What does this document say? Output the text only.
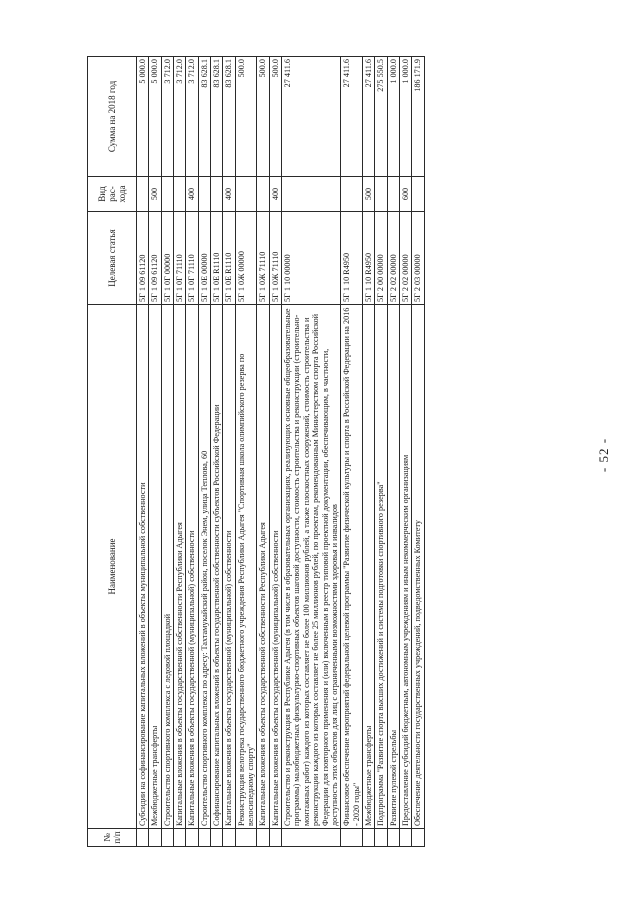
№ п/п	Наименование	Целевая статья	Вид рас-хода	Сумма на 2018 год
	Субсидии на софинансирование капитальных вложений в объекты муниципальной собственности	5Г 1 09 61120		5 000.0
	Межбюджетные трансферты	5Г 1 09 61120	500	5 000.0
	Строительство спортивного комплекса с ледовой площадкой	5Г 1 0Г 00000		3 712.0
	Капитальные вложения в объекты государственной собственности Республики Адыгея	5Г 1 0Г 71110		3 712.0
	Капитальные вложения в объекты государственной (муниципальной) собственности	5Г 1 0Г 71110	400	3 712.0
	Строительство спортивного комплекса по адресу: Тахтамукайский район, поселок Энем, улица Теплова, 60	5Г 1 0Е 00000		83 628.1
	Софинансирование капитальных вложений в объекты государственной собственности субъектов Российской Федерации	5Г 1 0Е R1110		83 628.1
	Капитальные вложения в объекты государственной (муниципальной) собственности	5Г 1 0Е R1110	400	83 628.1
	Реконструкция велотрека государственного бюджетного учреждения Республики Адыгея "Спортивная школа олимпийского резерва по велосипедному спорту"	5Г 1 0Ж 00000		500.0
	Капитальные вложения в объекты государственной собственности Республики Адыгея	5Г 1 0Ж 71110		500.0
	Капитальные вложения в объекты государственной (муниципальной) собственности	5Г 1 0Ж 71110	400	500.0
	Строительство и реконструкция в Республике Адыгея (в том числе в образовательных организациях, реализующих основные общеобразовательные программы) малобюджетных физкультурно-спортивных объектов шаговой доступности, стоимость строительства и реконструкции (строительно-монтажных работ) каждого из которых составляет не более 100 миллионов рублей, а также плоскостных сооружений, стоимость строительства и реконструкции каждого из которых составляет не более 25 миллионов рублей, по проектам, рекомендованным Министерством спорта Российской Федерации для повторного применения и (или) включенным в реестр типовой проектной документации, обеспечивающим, в частности, доступность этих объектов для лиц с ограниченными возможностями здоровья и инвалидов	5Г 1 10 00000		27 411.6
	Финансовое обеспечение мероприятий федеральной целевой программы "Развитие физической культуры и спорта в Российской Федерации на 2016 - 2020 годы"	5Г 1 10 R4950		27 411.6
	Межбюджетные трансферты	5Г 1 10 R4950	500	27 411.6
	Подпрограмма "Развитие спорта высших достижений и системы подготовки спортивного резерва"	5Г 2 00 00000		275 550.5
	Развитие пулевой стрельбы	5Г 2 02 00000		1 000.0
	Предоставление субсидий бюджетным, автономным учреждениям и иным некоммерческим организациям	5Г 2 02 00000	600	1 000.0
	Обеспечение деятельности государственных учреждений, подведомственных Комитету	5Г 2 03 00000		186 171.9
- 52 -
